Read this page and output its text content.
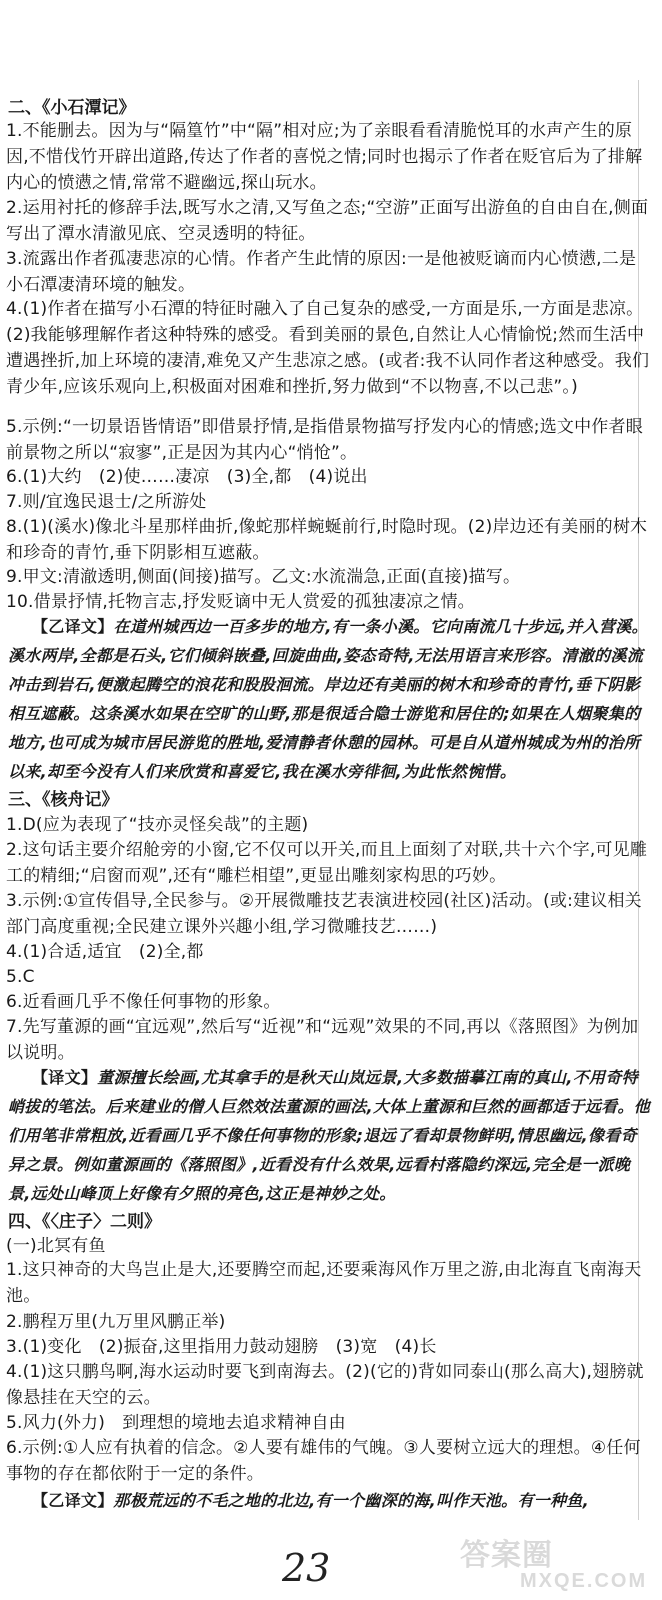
二、《小石潭记》
1.不能删去。因为与“隔篁竹”中“隔”相对应;为了亲眼看看清脆悦耳的水声产生的原因,不惜伐竹开辟出道路,传达了作者的喜悦之情;同时也揭示了作者在贬官后为了排解内心的愤懑之情,常常不避幽远,探山玩水。
2.运用衬托的修辞手法,既写水之清,又写鱼之态;“空游”正面写出游鱼的自由自在,侧面写出了潭水清澈见底、空灵透明的特征。
3.流露出作者孤凄悲凉的心情。作者产生此情的原因:一是他被贬谪而内心愤懑,二是小石潭凄清环境的触发。
4.(1)作者在描写小石潭的特征时融入了自己复杂的感受,一方面是乐,一方面是悲凉。(2)我能够理解作者这种特殊的感受。看到美丽的景色,自然让人心情愉悦;然而生活中遭遇挫折,加上环境的凄清,难免又产生悲凉之感。(或者:我不认同作者这种感受。我们青少年,应该乐观向上,积极面对困难和挫折,努力做到“不以物喜,不以己悲”。)
5.示例:“一切景语皆情语”即借景抒情,是指借景物描写抒发内心的情感;选文中作者眼前景物之所以“寂寥”,正是因为其内心“悄怆”。
6.(1)大约　(2)使……凄凉　(3)全,都　(4)说出
7.则/宜逸民退士/之所游处
8.(1)(溪水)像北斗星那样曲折,像蛇那样蜿蜒前行,时隐时现。(2)岸边还有美丽的树木和珍奇的青竹,垂下阴影相互遮蔽。
9.甲文:清澈透明,侧面(间接)描写。乙文:水流湍急,正面(直接)描写。
10.借景抒情,托物言志,抒发贬谪中无人赏爱的孤独凄凉之情。
【乙译文】在道州城西边一百多步的地方,有一条小溪。它向南流几十步远,并入营溪。溪水两岸,全都是石头,它们倾斜嵌叠,回旋曲曲,姿态奇特,无法用语言来形容。清澈的溪流冲击到岩石,便激起腾空的浪花和股股洄流。岸边还有美丽的树木和珍奇的青竹,垂下阴影相互遮蔽。这条溪水如果在空旷的山野,那是很适合隐士游览和居住的;如果在人烟聚集的地方,也可成为城市居民游览的胜地,爱清静者休憩的园林。可是自从道州城成为州的治所以来,却至今没有人们来欣赏和喜爱它,我在溪水旁徘徊,为此怅然惋惜。
三、《核舟记》
1.D(应为表现了“技亦灵怪矣哉”的主题)
2.这句话主要介绍舱旁的小窗,它不仅可以开关,而且上面刻了对联,共十六个字,可见雕工的精细;“启窗而观”,还有“雕栏相望”,更显出雕刻家构思的巧妙。
3.示例:①宣传倡导,全民参与。②开展微雕技艺表演进校园(社区)活动。(或:建议相关部门高度重视;全民建立课外兴趣小组,学习微雕技艺……)
4.(1)合适,适宜　(2)全,都
5.C
6.近看画几乎不像任何事物的形象。
7.先写董源的画“宜远观”,然后写“近视”和“远观”效果的不同,再以《落照图》为例加以说明。
【译文】董源擅长绘画,尤其拿手的是秋天山岚远景,大多数描摹江南的真山,不用奇特峭拔的笔法。后来建业的僧人巨然效法董源的画法,大体上董源和巨然的画都适于远看。他们用笔非常粗放,近看画几乎不像任何事物的形象;退远了看却景物鲜明,情思幽远,像看奇异之景。例如董源画的《落照图》,近看没有什么效果,远看村落隐约深远,完全是一派晚景,远处山峰顶上好像有夕照的亮色,这正是神妙之处。
四、《〈庄子〉二则》
(一)北冥有鱼
1.这只神奇的大鸟岂止是大,还要腾空而起,还要乘海风作万里之游,由北海直飞南海天池。
2.鹏程万里(九万里风鹏正举)
3.(1)变化　(2)振奋,这里指用力鼓动翅膀　(3)宽　(4)长
4.(1)这只鹏鸟啊,海水运动时要飞到南海去。(2)(它的)背如同泰山(那么高大),翅膀就像悬挂在天空的云。
5.风力(外力)　到理想的境地去追求精神自由
6.示例:①人应有执着的信念。②人要有雄伟的气魄。③人要树立远大的理想。④任何事物的存在都依附于一定的条件。
【乙译文】那极荒远的不毛之地的北边,有一个幽深的海,叫作天池。有一种鱼,
23	答案圈
MXQE.COM
